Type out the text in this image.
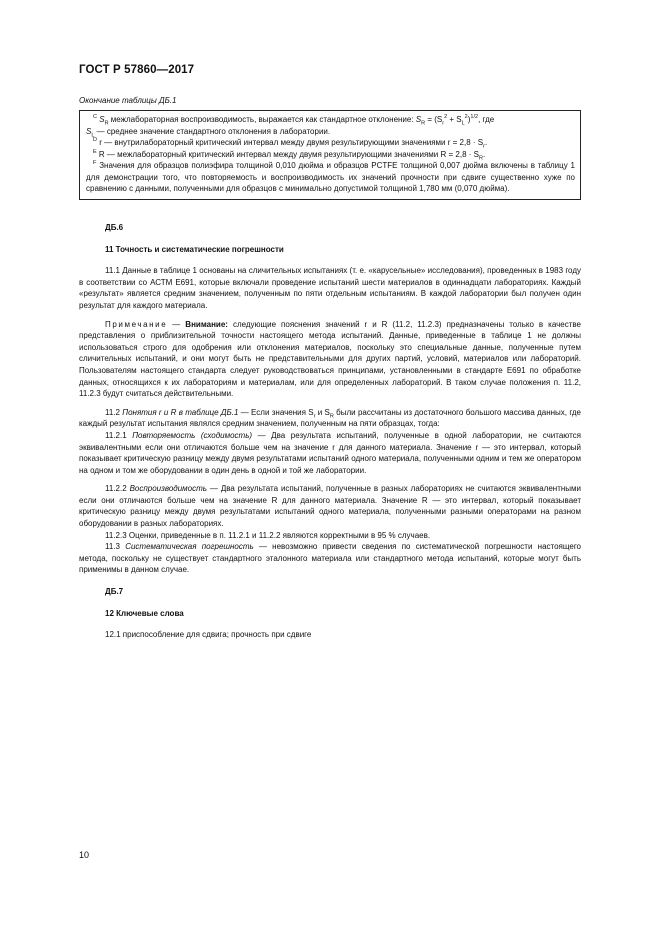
ГОСТ Р 57860—2017
Окончание таблицы ДБ.1

$^C$ $S_R$ межлабораторная воспроизводимость, выражается как стандартное отклонение: $S_R = (S_r^2 + S_L^2)^{1/2}$, где
$S_L$ — среднее значение стандартного отклонения в лаборатории.

$^D$ r — внутрилабораторный критический интервал между двумя результирующими значениями $r = 2,8 \cdot S_r$.

$^E$ R — межлабораторный критический интервал между двумя результирующими значениями $R = 2,8 \cdot S_R$.

$^F$ Значения для образцов полиэфира толщиной 0,010 дюйма и образцов PCTFE толщиной 0,007 дюйма включены в таблицу 1 для демонстрации того, что повторяемость и воспроизводимость их значений прочности при сдвиге существенно хуже по сравнению с данными, полученными для образцов с минимально допустимой толщиной 1,780 мм (0,070 дюйма).

ДБ.6

11 Точность и систематические погрешности

11.1 Данные в таблице 1 основаны на сличительных испытаниях (т. е. «карусельные» исследования), проведенных в 1983 году в соответствии со АСТМ Е691, которые включали проведение испытаний шести материалов в одиннадцати лабораториях. Каждый «результат» является средним значением, полученным по пяти отдельным испытаниям. В каждой лаборатории был получен один результат для каждого материала.

Примечание — Внимание: следующие пояснения значений r и R (11.2, 11.2.3) предназначены только в качестве представления о приблизительной точности настоящего метода испытаний. Данные, приведенные в таблице 1 не должны использоваться строго для одобрения или отклонения материалов, поскольку это специальные данные, полученные путем сличительных испытаний, и они могут быть не представительными для других партий, условий, материалов или лабораторий. Пользователям настоящего стандарта следует руководствоваться принципами, установленными в стандарте Е691 по обработке данных, относящихся к их лабораториям и материалам, или для определенных лабораторий. В таком случае положения п. 11.2, 11.2.3 будут считаться действительными.

11.2 Понятия r и R в таблице ДБ.1 — Если значения $S_r$ и $S_R$ были рассчитаны из достаточного большого массива данных, где каждый результат испытания являлся средним значением, полученным на пяти образцах, тогда:

11.2.1 Повторяемость (сходимость) — Два результата испытаний, полученные в одной лаборатории, не считаются эквивалентными если они отличаются больше чем на значение r для данного материала. Значение r — это интервал, который показывает критическую разницу между двумя результатами испытаний одного материала, полученными одним и тем же оператором на одном и том же оборудовании в один день в одной и той же лаборатории.

11.2.2 Воспроизводимость — Два результата испытаний, полученные в разных лабораториях не считаются эквивалентными если они отличаются больше чем на значение R для данного материала. Значение R — это интервал, который показывает критическую разницу между двумя результатами испытаний одного материала, полученными разными операторами на разном оборудовании в разных лабораториях.

11.2.3 Оценки, приведенные в п. 11.2.1 и 11.2.2 являются корректными в 95 % случаев.

11.3 Систематическая погрешность — невозможно привести сведения по систематической погрешности настоящего метода, поскольку не существует стандартного эталонного материала или стандартного метода испытаний, которые могут быть применимы в данном случае.

ДБ.7

12 Ключевые слова

12.1 приспособление для сдвига; прочность при сдвиге

10
